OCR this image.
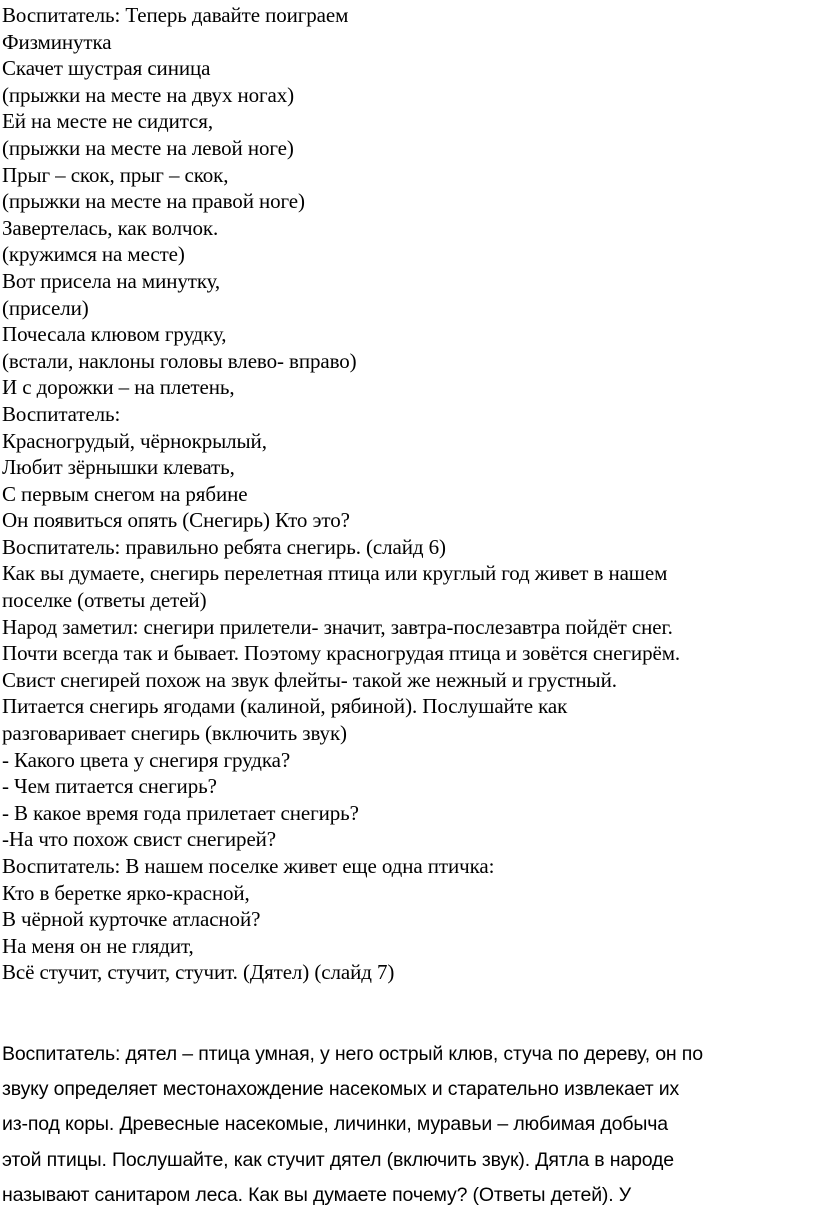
Воспитатель: Теперь давайте поиграем
Физминутка
Скачет шустрая синица
(прыжки на месте на двух ногах)
Ей на месте не сидится,
(прыжки на месте на левой ноге)
Прыг – скок, прыг – скок,
(прыжки на месте на правой ноге)
Завертелась, как волчок.
(кружимся на месте)
Вот присела на минутку,
(присели)
Почесала клювом грудку,
(встали, наклоны головы влево- вправо)
И с дорожки – на плетень,
Воспитатель:
Красногрудый, чёрнокрылый,
Любит зёрнышки клевать,
С первым снегом на рябине
Он появиться опять (Снегирь) Кто это?
Воспитатель: правильно ребята снегирь. (слайд 6)
Как вы думаете, снегирь перелетная птица или круглый год живет в нашем
поселке (ответы детей)
Народ заметил: снегири прилетели- значит, завтра-послезавтра пойдёт снег.
Почти всегда так и бывает. Поэтому красногрудая птица и зовётся снегирём.
Свист снегирей похож на звук флейты- такой же нежный и грустный.
Питается снегирь ягодами (калиной, рябиной). Послушайте как
разговаривает снегирь (включить звук)
- Какого цвета у снегиря грудка?
- Чем питается снегирь?
- В какое время года прилетает снегирь?
-На что похож свист снегирей?
Воспитатель: В нашем поселке живет еще одна птичка:
Кто в беретке ярко-красной,
В чёрной курточке атласной?
На меня он не глядит,
Всё стучит, стучит, стучит. (Дятел) (слайд 7)
Воспитатель: дятел – птица умная, у него острый клюв, стуча по дереву, он по
звуку определяет местонахождение насекомых и старательно извлекает их
из-под коры. Древесные насекомые, личинки, муравьи – любимая добыча
этой птицы. Послушайте, как стучит дятел (включить звук). Дятла в народе
называют санитаром леса. Как вы думаете почему? (Ответы детей). У
